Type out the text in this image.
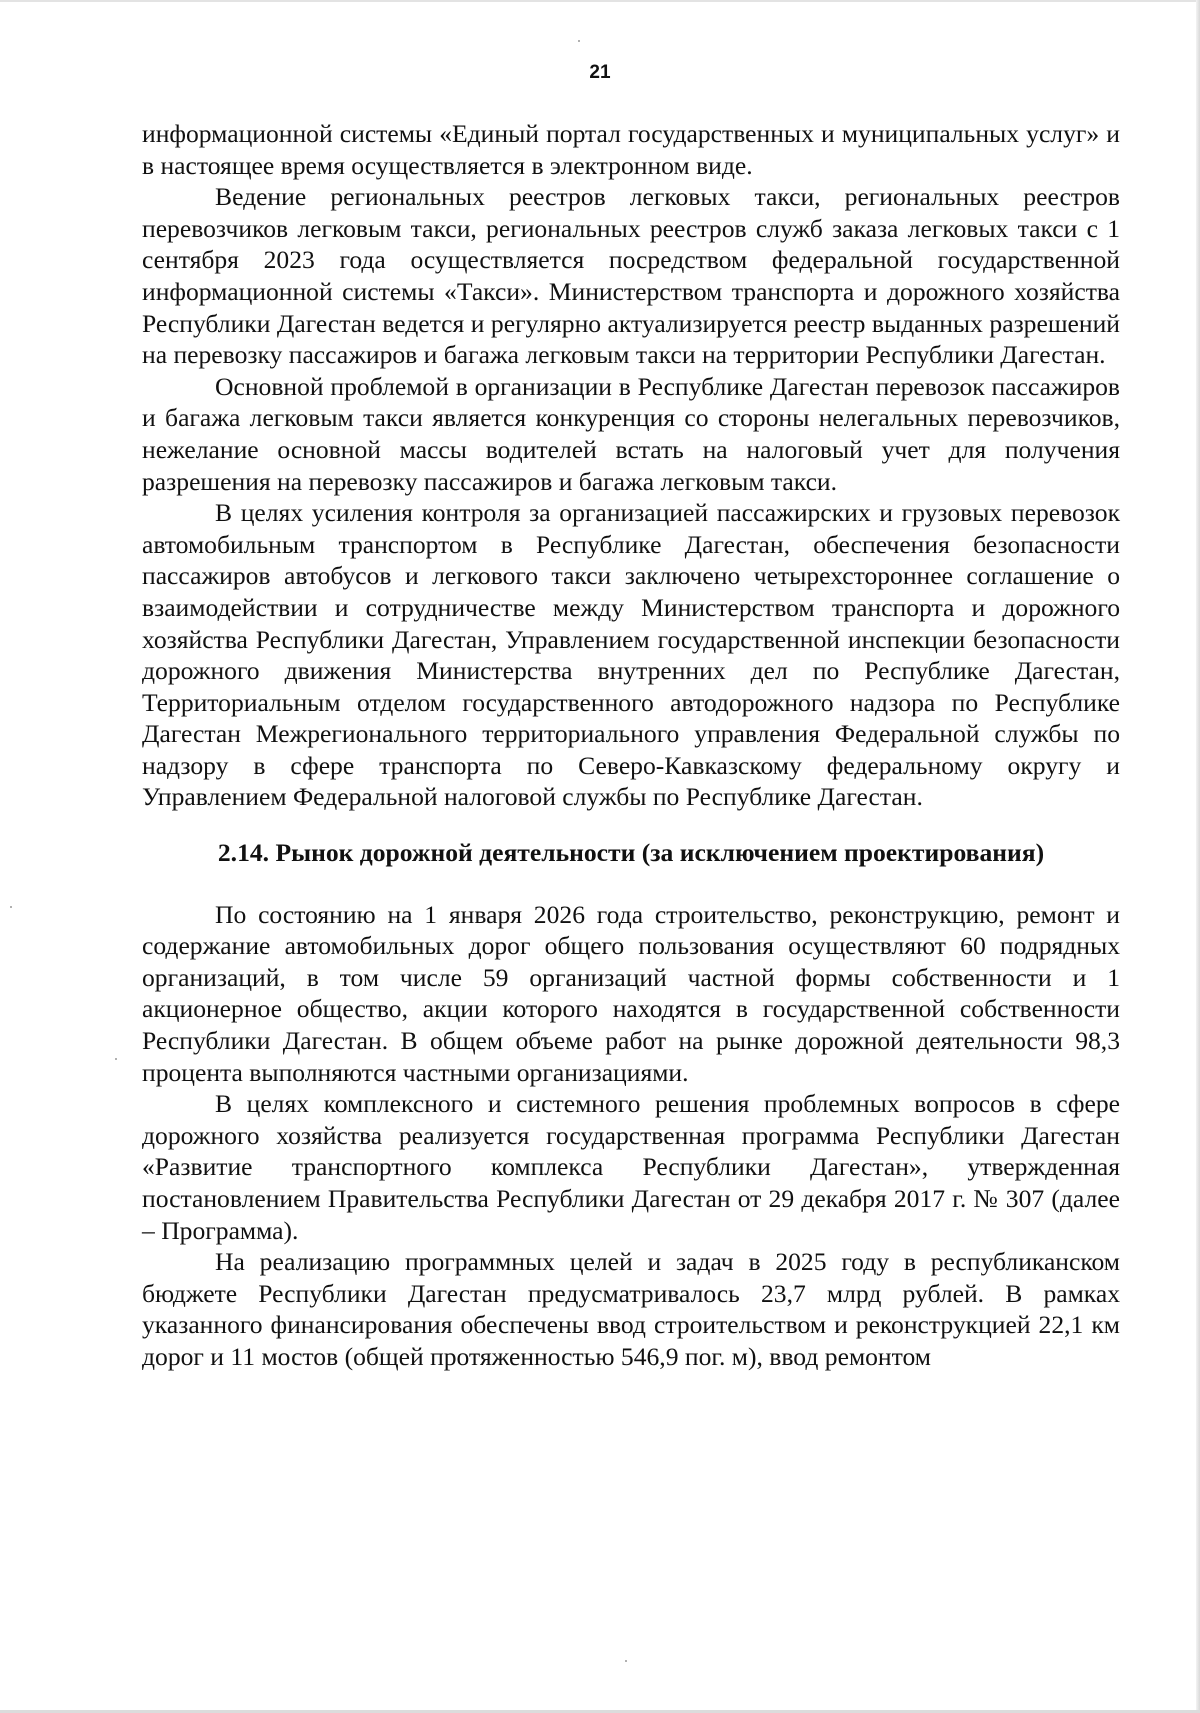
21

информационной системы «Единый портал государственных и муниципальных услуг» и в настоящее время осуществляется в электронном виде.

Ведение региональных реестров легковых такси, региональных реестров перевозчиков легковым такси, региональных реестров служб заказа легковых такси с 1 сентября 2023 года осуществляется посредством федеральной государственной информационной системы «Такси». Министерством транспорта и дорожного хозяйства Республики Дагестан ведется и регулярно актуализируется реестр выданных разрешений на перевозку пассажиров и багажа легковым такси на территории Республики Дагестан.

Основной проблемой в организации в Республике Дагестан перевозок пассажиров и багажа легковым такси является конкуренция со стороны нелегальных перевозчиков, нежелание основной массы водителей встать на налоговый учет для получения разрешения на перевозку пассажиров и багажа легковым такси.

В целях усиления контроля за организацией пассажирских и грузовых перевозок автомобильным транспортом в Республике Дагестан, обеспечения безопасности пассажиров автобусов и легкового такси заключено четырехстороннее соглашение о взаимодействии и сотрудничестве между Министерством транспорта и дорожного хозяйства Республики Дагестан, Управлением государственной инспекции безопасности дорожного движения Министерства внутренних дел по Республике Дагестан, Территориальным отделом государственного автодорожного надзора по Республике Дагестан Межрегионального территориального управления Федеральной службы по надзору в сфере транспорта по Северо-Кавказскому федеральному округу и Управлением Федеральной налоговой службы по Республике Дагестан.

2.14. Рынок дорожной деятельности (за исключением проектирования)

По состоянию на 1 января 2026 года строительство, реконструкцию, ремонт и содержание автомобильных дорог общего пользования осуществляют 60 подрядных организаций, в том числе 59 организаций частной формы собственности и 1 акционерное общество, акции которого находятся в государственной собственности Республики Дагестан. В общем объеме работ на рынке дорожной деятельности 98,3 процента выполняются частными организациями.

В целях комплексного и системного решения проблемных вопросов в сфере дорожного хозяйства реализуется государственная программа Республики Дагестан «Развитие транспортного комплекса Республики Дагестан», утвержденная постановлением Правительства Республики Дагестан от 29 декабря 2017 г. № 307 (далее – Программа).

На реализацию программных целей и задач в 2025 году в республиканском бюджете Республики Дагестан предусматривалось 23,7 млрд рублей. В рамках указанного финансирования обеспечены ввод строительством и реконструкцией 22,1 км дорог и 11 мостов (общей протяженностью 546,9 пог. м), ввод ремонтом
